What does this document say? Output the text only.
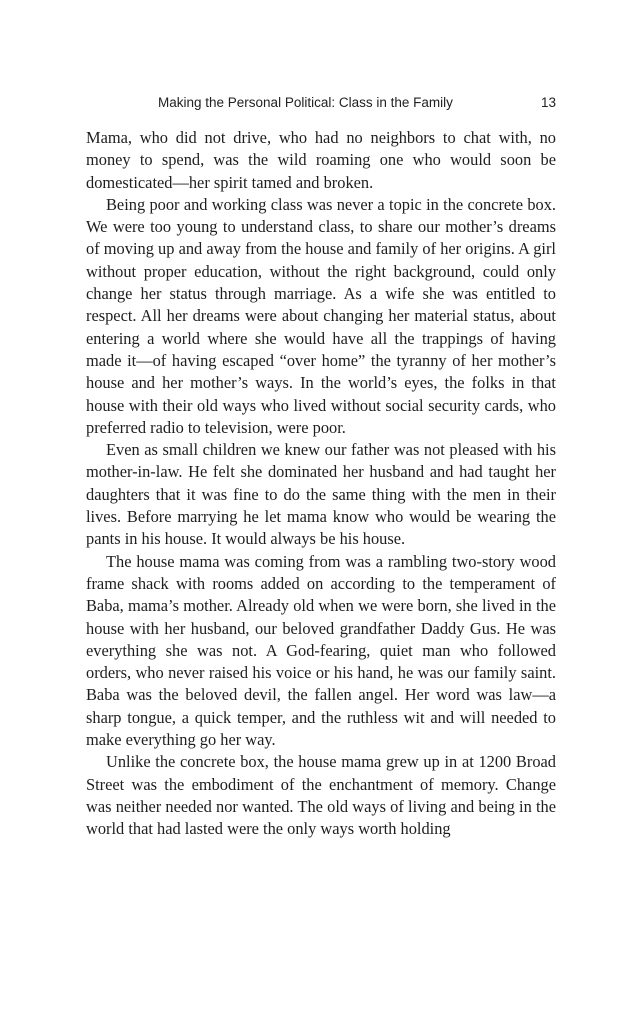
Making the Personal Political: Class in the Family	13

Mama, who did not drive, who had no neighbors to chat with, no money to spend, was the wild roaming one who would soon be domesticated—her spirit tamed and broken.

Being poor and working class was never a topic in the concrete box. We were too young to understand class, to share our mother’s dreams of moving up and away from the house and family of her origins. A girl without proper education, without the right background, could only change her status through marriage. As a wife she was entitled to respect. All her dreams were about changing her material status, about entering a world where she would have all the trappings of having made it—of having escaped “over home” the tyranny of her mother’s house and her mother’s ways. In the world’s eyes, the folks in that house with their old ways who lived without social security cards, who preferred radio to television, were poor.

Even as small children we knew our father was not pleased with his mother-in-law. He felt she dominated her husband and had taught her daughters that it was fine to do the same thing with the men in their lives. Before marrying he let mama know who would be wearing the pants in his house. It would always be his house.

The house mama was coming from was a rambling two-story wood frame shack with rooms added on according to the temperament of Baba, mama’s mother. Already old when we were born, she lived in the house with her husband, our beloved grandfather Daddy Gus. He was everything she was not. A God-fearing, quiet man who followed orders, who never raised his voice or his hand, he was our family saint. Baba was the beloved devil, the fallen angel. Her word was law—a sharp tongue, a quick temper, and the ruthless wit and will needed to make everything go her way.

Unlike the concrete box, the house mama grew up in at 1200 Broad Street was the embodiment of the enchantment of memory. Change was neither needed nor wanted. The old ways of living and being in the world that had lasted were the only ways worth holding
